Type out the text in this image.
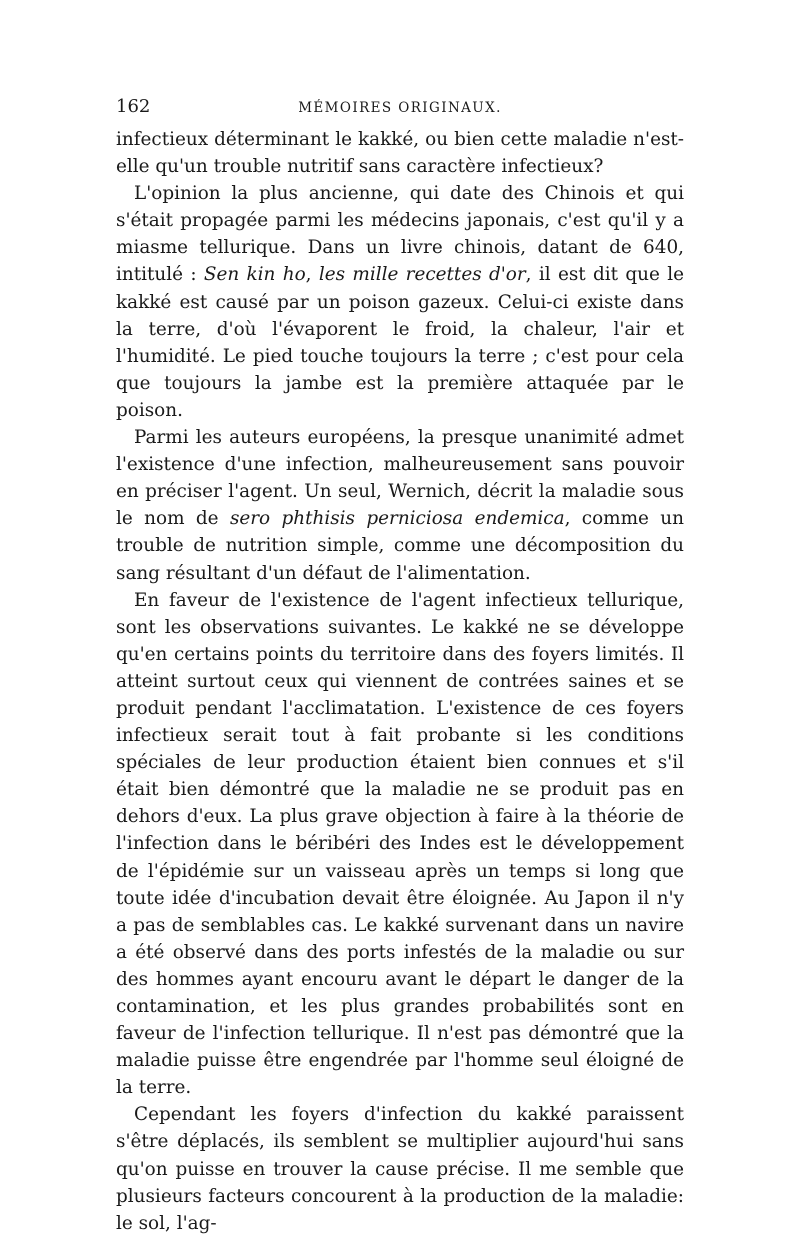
162	MÉMOIRES ORIGINAUX.

infectieux déterminant le kakké, ou bien cette maladie n'est-elle qu'un trouble nutritif sans caractère infectieux?

L'opinion la plus ancienne, qui date des Chinois et qui s'était propagée parmi les médecins japonais, c'est qu'il y a miasme tellurique. Dans un livre chinois, datant de 640, intitulé : Sen kin ho, les mille recettes d'or, il est dit que le kakké est causé par un poison gazeux. Celui-ci existe dans la terre, d'où l'évaporent le froid, la chaleur, l'air et l'humidité. Le pied touche toujours la terre ; c'est pour cela que toujours la jambe est la première attaquée par le poison.

Parmi les auteurs européens, la presque unanimité admet l'existence d'une infection, malheureusement sans pouvoir en préciser l'agent. Un seul, Wernich, décrit la maladie sous le nom de sero phthisis perniciosa endemica, comme un trouble de nutrition simple, comme une décomposition du sang résultant d'un défaut de l'alimentation.

En faveur de l'existence de l'agent infectieux tellurique, sont les observations suivantes. Le kakké ne se développe qu'en certains points du territoire dans des foyers limités. Il atteint surtout ceux qui viennent de contrées saines et se produit pendant l'acclimatation. L'existence de ces foyers infectieux serait tout à fait probante si les conditions spéciales de leur production étaient bien connues et s'il était bien démontré que la maladie ne se produit pas en dehors d'eux. La plus grave objection à faire à la théorie de l'infection dans le béribéri des Indes est le développement de l'épidémie sur un vaisseau après un temps si long que toute idée d'incubation devait être éloignée. Au Japon il n'y a pas de semblables cas. Le kakké survenant dans un navire a été observé dans des ports infestés de la maladie ou sur des hommes ayant encouru avant le départ le danger de la contamination, et les plus grandes probabilités sont en faveur de l'infection tellurique. Il n'est pas démontré que la maladie puisse être engendrée par l'homme seul éloigné de la terre.

Cependant les foyers d'infection du kakké paraissent s'être déplacés, ils semblent se multiplier aujourd'hui sans qu'on puisse en trouver la cause précise. Il me semble que plusieurs facteurs concourent à la production de la maladie: le sol, l'ag-
